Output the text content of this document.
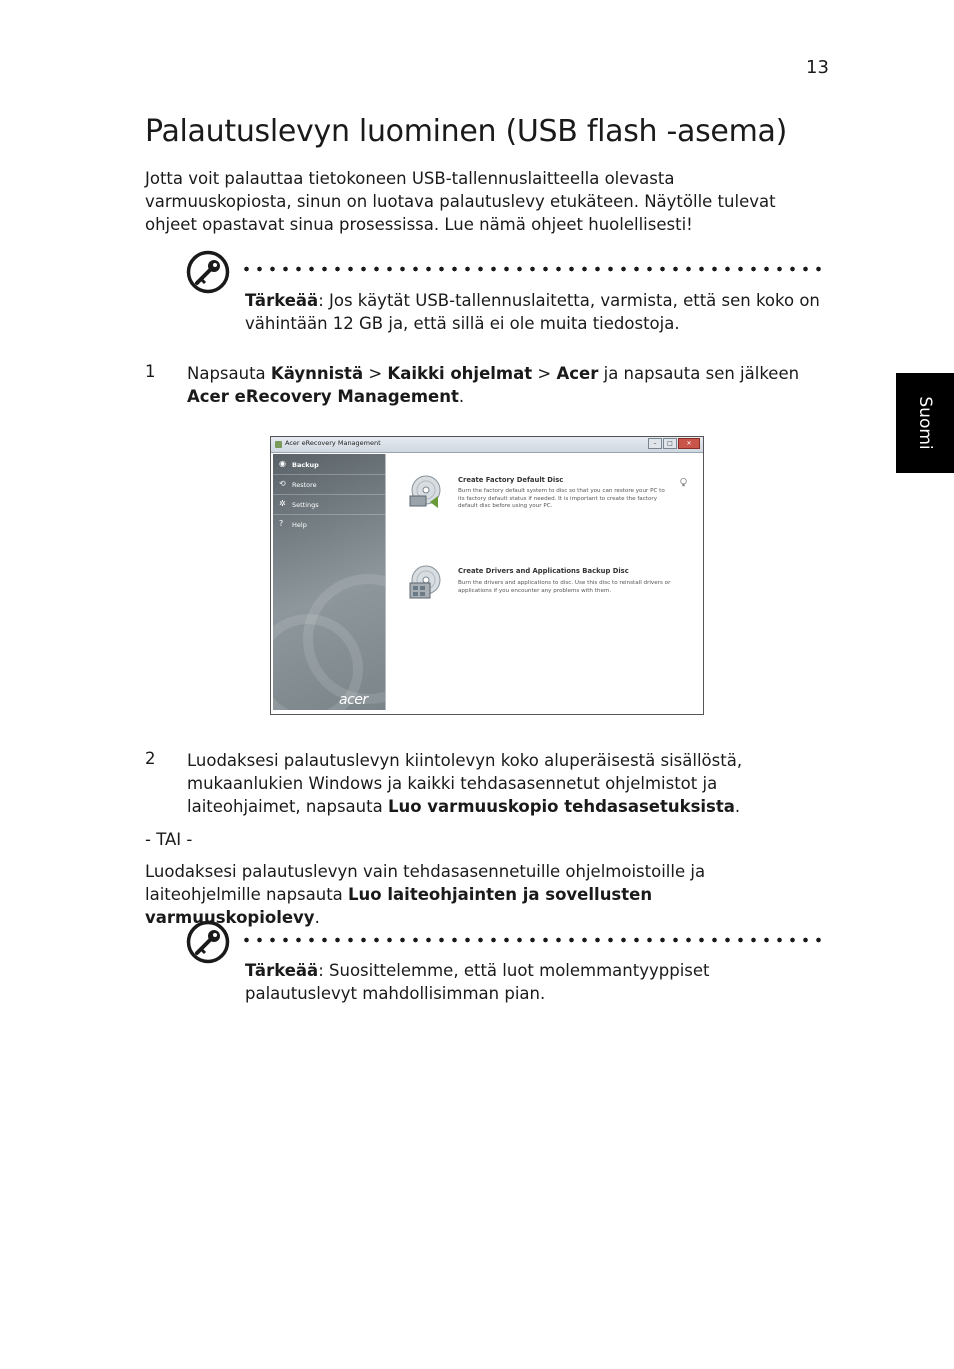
13
Palautuslevyn luominen (USB flash -asema)

Jotta voit palauttaa tietokoneen USB-tallennuslaitteella olevasta varmuuskopiosta, sinun on luotava palautuslevy etukäteen. Näytölle tulevat ohjeet opastavat sinua prosessissa. Lue nämä ohjeet huolellisesti!

Suomi

Tärkeää: Jos käytät USB-tallennuslaitetta, varmista, että sen koko on vähintään 12 GB ja, että sillä ei ole muita tiedostoja.

1 Napsauta Käynnistä > Kaikki ohjelmat > Acer ja napsauta sen jälkeen Acer eRecovery Management.

Acer eRecovery Management	–	□	✕
◉ Backup
⟲ Restore
✲ Settings
? Help
acer
Create Factory Default Disc

Burn the factory default system to disc so that you can restore your PC to its factory default status if needed. It is important to create the factory default disc before using your PC.

Create Drivers and Applications Backup Disc

Burn the drivers and applications to disc. Use this disc to reinstall drivers or applications if you encounter any problems with them.

2 Luodaksesi palautuslevyn kiintolevyn koko aluperäisestä sisällöstä, mukaanlukien Windows ja kaikki tehdasasennetut ohjelmistot ja laiteohjaimet, napsauta Luo varmuuskopio tehdasasetuksista.

- TAI -

Luodaksesi palautuslevyn vain tehdasasennetuille ohjelmoistoille ja laiteohjelmille napsauta Luo laiteohjainten ja sovellusten varmuuskopiolevy.

Tärkeää: Suosittelemme, että luot molemmantyyppiset palautuslevyt mahdollisimman pian.
